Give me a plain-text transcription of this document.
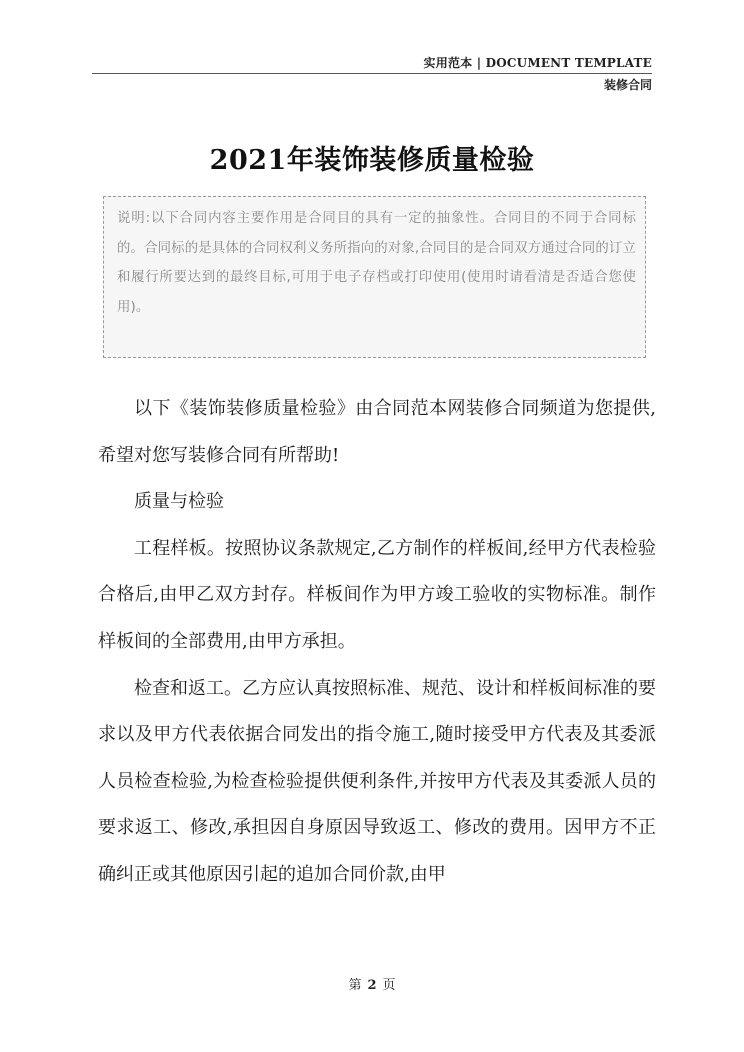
实用范本 | DOCUMENT TEMPLATE
装修合同
2021年装饰装修质量检验
说明:以下合同内容主要作用是合同目的具有一定的抽象性。合同目的不同于合同标的。合同标的是具体的合同权利义务所指向的对象,合同目的是合同双方通过合同的订立和履行所要达到的最终目标,可用于电子存档或打印使用(使用时请看清是否适合您使用)。

以下《装饰装修质量检验》由合同范本网装修合同频道为您提供,希望对您写装修合同有所帮助!

质量与检验

工程样板。按照协议条款规定,乙方制作的样板间,经甲方代表检验合格后,由甲乙双方封存。样板间作为甲方竣工验收的实物标准。制作样板间的全部费用,由甲方承担。

检查和返工。乙方应认真按照标准、规范、设计和样板间标准的要求以及甲方代表依据合同发出的指令施工,随时接受甲方代表及其委派人员检查检验,为检查检验提供便利条件,并按甲方代表及其委派人员的要求返工、修改,承担因自身原因导致返工、修改的费用。因甲方不正确纠正或其他原因引起的追加合同价款,由甲

第 2 页
